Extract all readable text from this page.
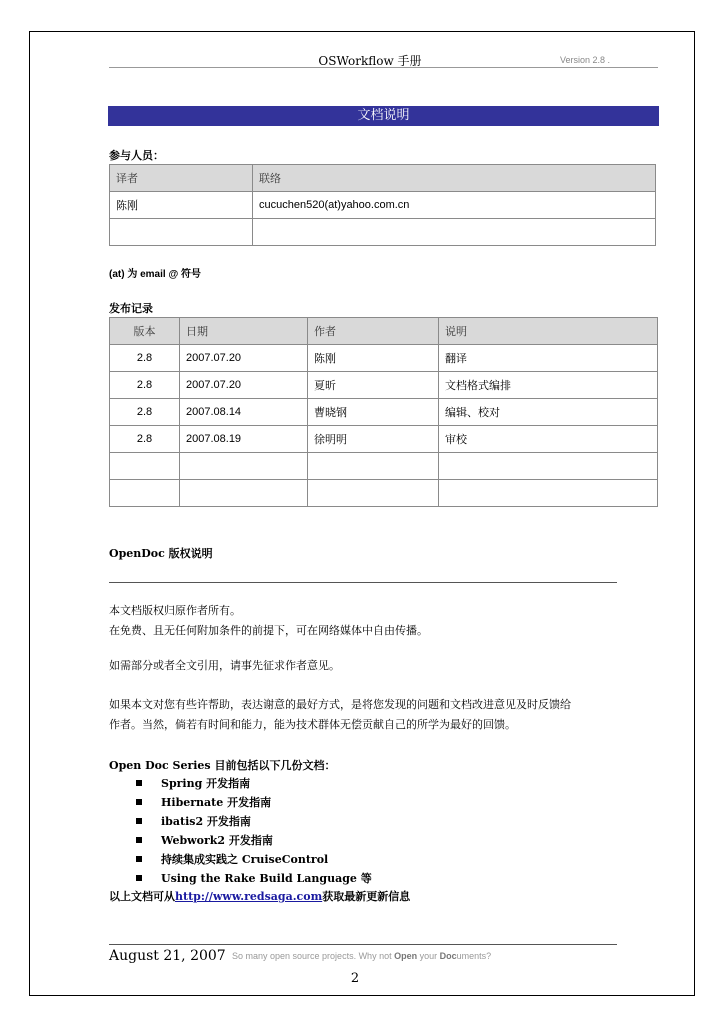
OSWorkflow 手册	Version 2.8 .
文档说明
参与人员：
译者	联络
陈刚	cucuchen520(at)yahoo.com.cn

(at) 为 email @ 符号
发布记录
版本	日期	作者	说明
2.8	2007.07.20	陈刚	翻译
2.8	2007.07.20	夏昕	文档格式编排
2.8	2007.08.14	曹晓钢	编辑、校对
2.8	2007.08.19	徐明明	审校

OpenDoc 版权说明
本文档版权归原作者所有。
在免费、且无任何附加条件的前提下，可在网络媒体中自由传播。
如需部分或者全文引用，请事先征求作者意见。
如果本文对您有些许帮助，表达谢意的最好方式，是将您发现的问题和文档改进意见及时反馈给
作者。当然，倘若有时间和能力，能为技术群体无偿贡献自己的所学为最好的回馈。
Open Doc Series 目前包括以下几份文档：
Spring 开发指南
Hibernate 开发指南
ibatis2 开发指南
Webwork2 开发指南
持续集成实践之 CruiseControl
Using the Rake Build Language 等
以上文档可从http://www.redsaga.com获取最新更新信息
August 21, 2007 So many open source projects. Why not Open your Documents?
2
